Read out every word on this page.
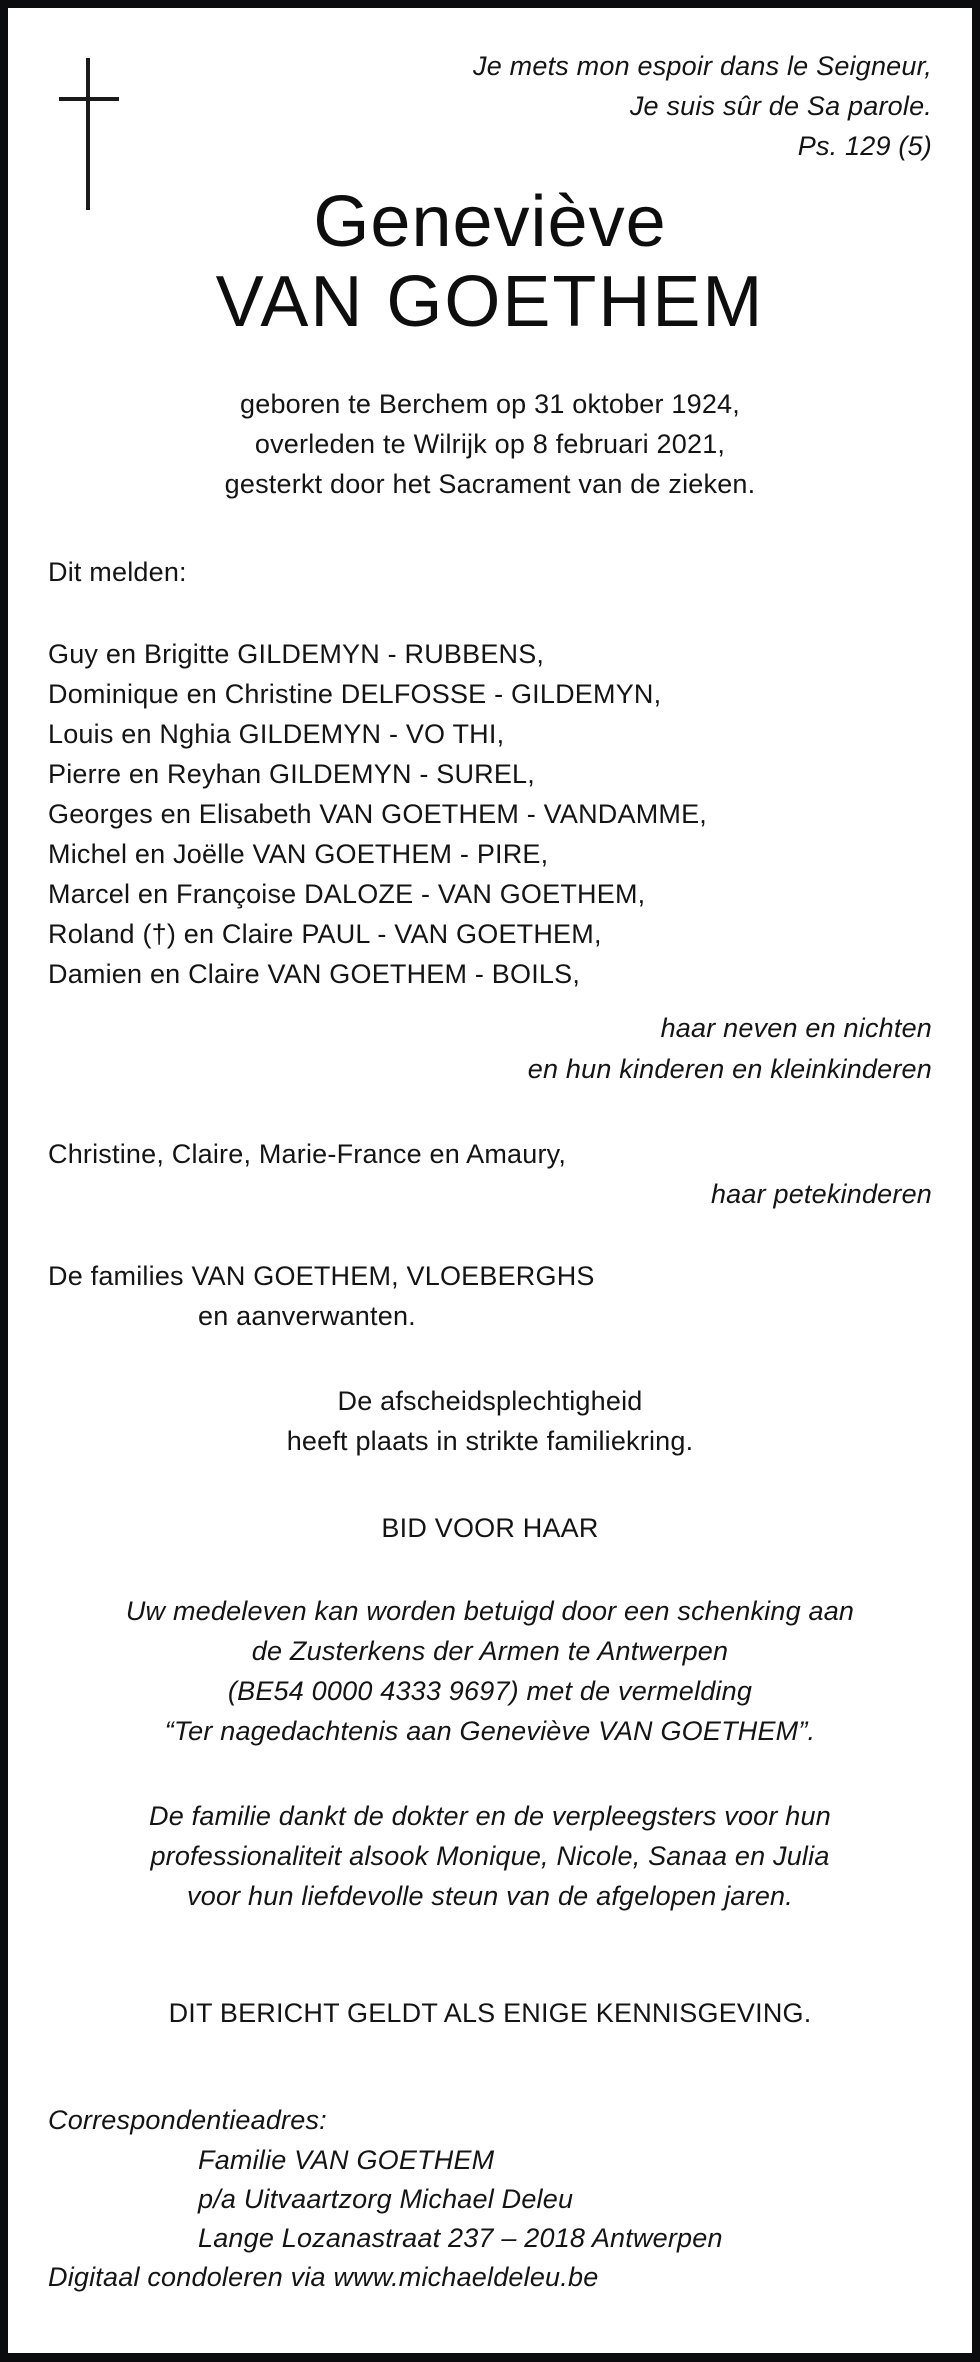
Je mets mon espoir dans le Seigneur,
Je suis sûr de Sa parole.
Ps. 129 (5)
Geneviève
VAN GOETHEM
geboren te Berchem op 31 oktober 1924,
overleden te Wilrijk op 8 februari 2021,
gesterkt door het Sacrament van de zieken.
Dit melden:
Guy en Brigitte GILDEMYN - RUBBENS,
Dominique en Christine DELFOSSE - GILDEMYN,
Louis en Nghia GILDEMYN - VO THI,
Pierre en Reyhan GILDEMYN - SUREL,
Georges en Elisabeth VAN GOETHEM - VANDAMME,
Michel en Joëlle VAN GOETHEM - PIRE,
Marcel en Françoise DALOZE - VAN GOETHEM,
Roland (†) en Claire PAUL - VAN GOETHEM,
Damien en Claire VAN GOETHEM - BOILS,
haar neven en nichten
en hun kinderen en kleinkinderen
Christine, Claire, Marie-France en Amaury,
haar petekinderen
De families VAN GOETHEM, VLOEBERGHS
en aanverwanten.
De afscheidsplechtigheid
heeft plaats in strikte familiekring.
BID VOOR HAAR
Uw medeleven kan worden betuigd door een schenking aan
de Zusterkens der Armen te Antwerpen
(BE54 0000 4333 9697) met de vermelding
“Ter nagedachtenis aan Geneviève VAN GOETHEM”.
De familie dankt de dokter en de verpleegsters voor hun
professionaliteit alsook Monique, Nicole, Sanaa en Julia
voor hun liefdevolle steun van de afgelopen jaren.
DIT BERICHT GELDT ALS ENIGE KENNISGEVING.
Correspondentieadres:
Familie VAN GOETHEM
p/a Uitvaartzorg Michael Deleu
Lange Lozanastraat 237 – 2018 Antwerpen
Digitaal condoleren via www.michaeldeleu.be
